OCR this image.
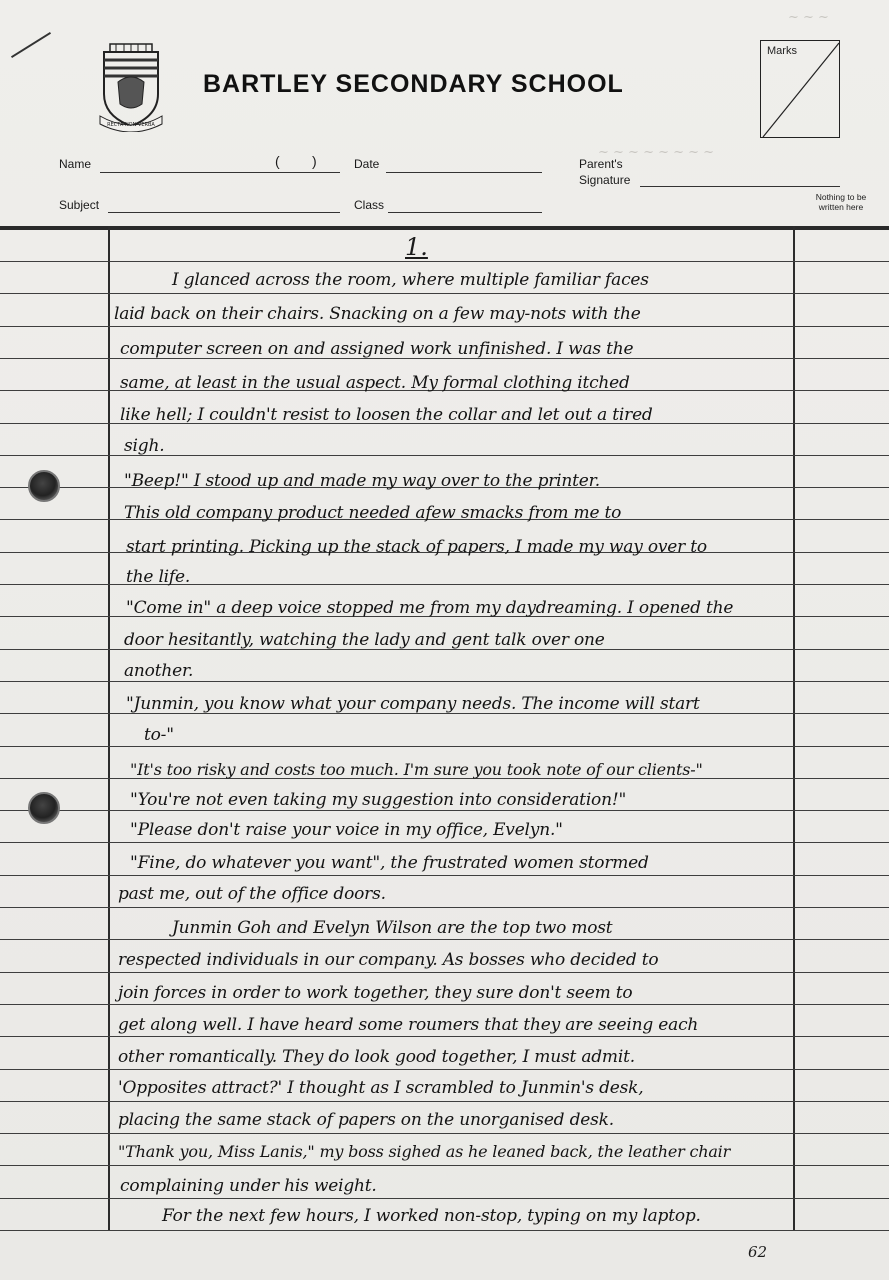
RECTA NON VERBA
BARTLEY SECONDARY SCHOOL
Marks
Name	( )	Date	Parent's Signature
Subject	Class
Nothing to be written here
~ ~ ~ ~ ~ ~ ~ ~
~ ~ ~
1.
I glanced across the room, where multiple familiar faces
laid back on their chairs. Snacking on a few may-nots with the
computer screen on and assigned work unfinished. I was the
same, at least in the usual aspect. My formal clothing itched
like hell; I couldn't resist to loosen the collar and let out a tired
sigh.
"Beep!" I stood up and made my way over to the printer.
This old company product needed afew smacks from me to
start printing. Picking up the stack of papers, I made my way over to
the life.
"Come in" a deep voice stopped me from my daydreaming. I opened the
door hesitantly, watching the lady and gent talk over one
another.
"Junmin, you know what your company needs. The income will start
to-"
"It's too risky and costs too much. I'm sure you took note of our clients-"
"You're not even taking my suggestion into consideration!"
"Please don't raise your voice in my office, Evelyn."
"Fine, do whatever you want", the frustrated women stormed
past me, out of the office doors.
Junmin Goh and Evelyn Wilson are the top two most
respected individuals in our company. As bosses who decided to
join forces in order to work together, they sure don't seem to
get along well. I have heard some roumers that they are seeing each
other romantically. They do look good together, I must admit.
'Opposites attract?' I thought as I scrambled to Junmin's desk,
placing the same stack of papers on the unorganised desk.
"Thank you, Miss Lanis," my boss sighed as he leaned back, the leather chair
complaining under his weight.
For the next few hours, I worked non-stop, typing on my laptop.
62
